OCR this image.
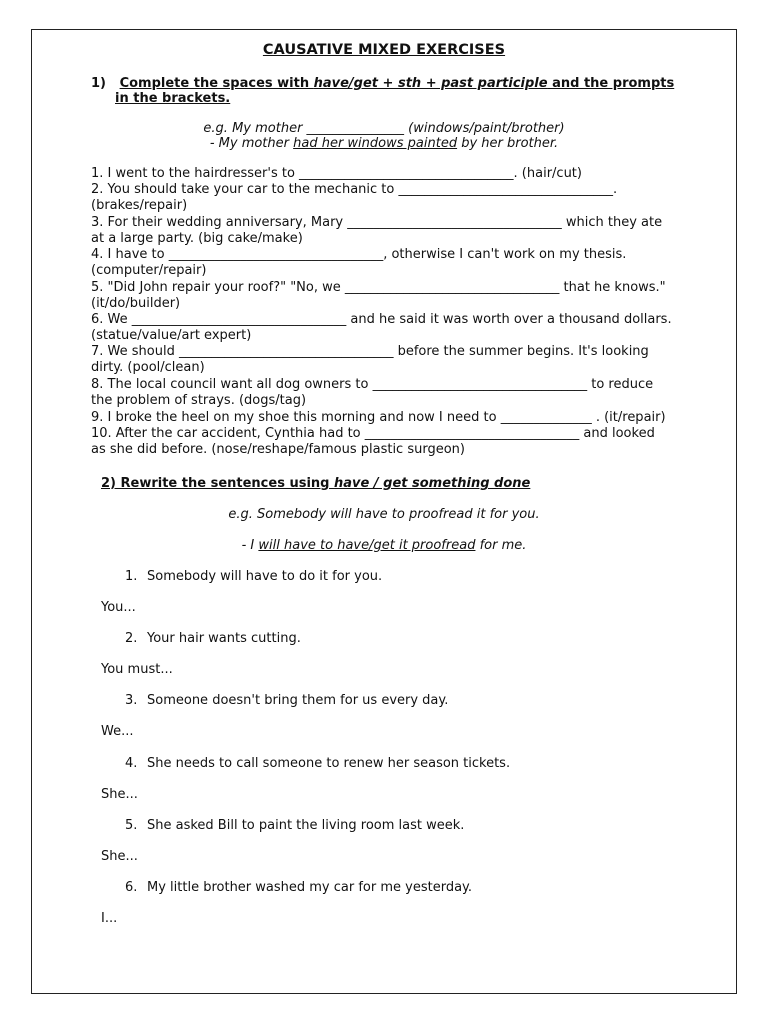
CAUSATIVE MIXED EXERCISES
1) Complete the spaces with have/get + sth + past participle and the prompts
in the brackets.
e.g. My mother _______________ (windows/paint/brother)
- My mother had her windows painted by her brother.
1. I went to the hairdresser's to _________________________________. (hair/cut)
2. You should take your car to the mechanic to _________________________________.
(brakes/repair)
3. For their wedding anniversary, Mary _________________________________ which they ate
at a large party. (big cake/make)
4. I have to _________________________________, otherwise I can't work on my thesis.
(computer/repair)
5. "Did John repair your roof?" "No, we _________________________________ that he knows."
(it/do/builder)
6. We _________________________________ and he said it was worth over a thousand dollars.
(statue/value/art expert)
7. We should _________________________________ before the summer begins. It's looking
dirty. (pool/clean)
8. The local council want all dog owners to _________________________________ to reduce
the problem of strays. (dogs/tag)
9. I broke the heel on my shoe this morning and now I need to ______________ . (it/repair)
10. After the car accident, Cynthia had to _________________________________ and looked
as she did before. (nose/reshape/famous plastic surgeon)
2) Rewrite the sentences using have / get something done
e.g. Somebody will have to proofread it for you.
- I will have to have/get it proofread for me.
1. Somebody will have to do it for you.
You...
2. Your hair wants cutting.
You must...
3. Someone doesn't bring them for us every day.
We...
4. She needs to call someone to renew her season tickets.
She...
5. She asked Bill to paint the living room last week.
She...
6. My little brother washed my car for me yesterday.
I...
